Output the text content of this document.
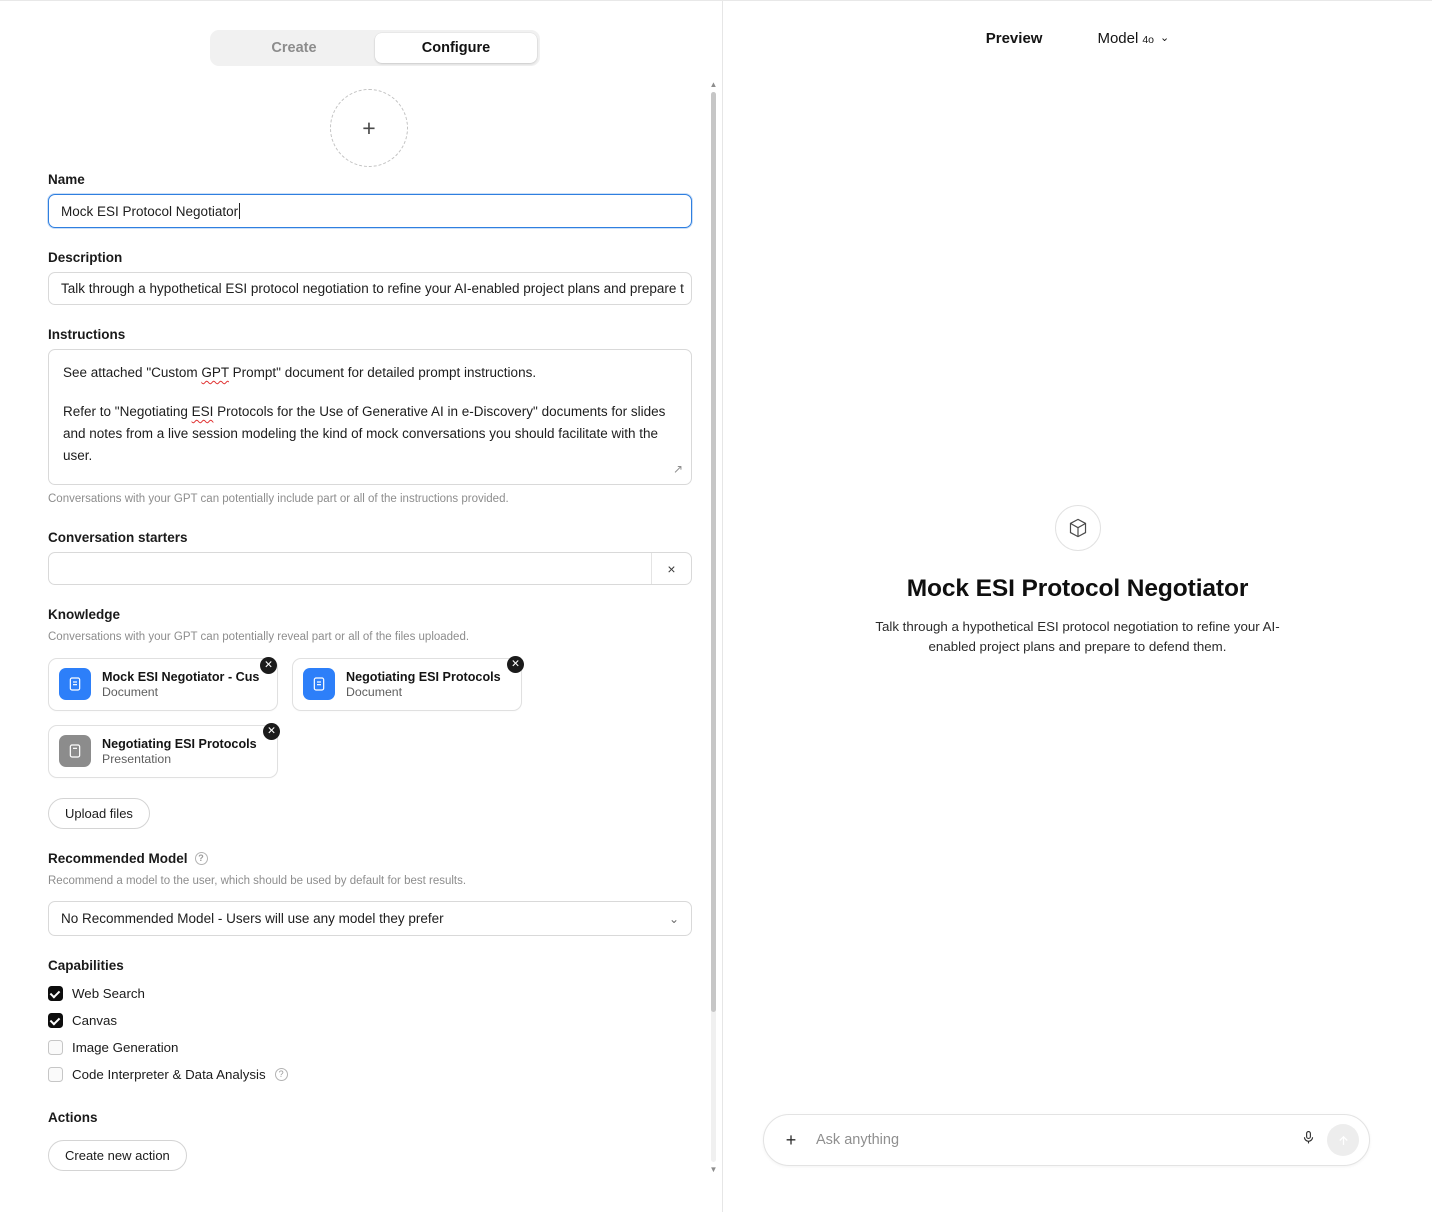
Create	Configure
+
Name
Mock ESI Protocol Negotiator
Description
Talk through a hypothetical ESI protocol negotiation to refine your AI-enabled project plans and prepare t
Instructions

See attached "Custom GPT Prompt" document for detailed prompt instructions.

Refer to "Negotiating ESI Protocols for the Use of Generative AI in e-Discovery" documents for slides and notes from a live session modeling the kind of mock conversations you should facilitate with the user.

↗
Conversations with your GPT can potentially include part or all of the instructions provided.
Conversation starters
×
Knowledge
Conversations with your GPT can potentially reveal part or all of the files uploaded.
Mock ESI Negotiator - Cus
Document
✕
Negotiating ESI Protocols
Document
✕
Negotiating ESI Protocols
Presentation
✕
Upload files
Recommended Model	?
Recommend a model to the user, which should be used by default for best results.
No Recommended Model - Users will use any model they prefer	⌄
Capabilities
Web Search
Canvas
Image Generation
Code Interpreter & Data Analysis	?
Actions
Create new action
▲
▼
Preview	Model 4o ⌄
Mock ESI Protocol Negotiator
Talk through a hypothetical ESI protocol negotiation to refine your AI-enabled project plans and prepare to defend them.
+
Ask anything
